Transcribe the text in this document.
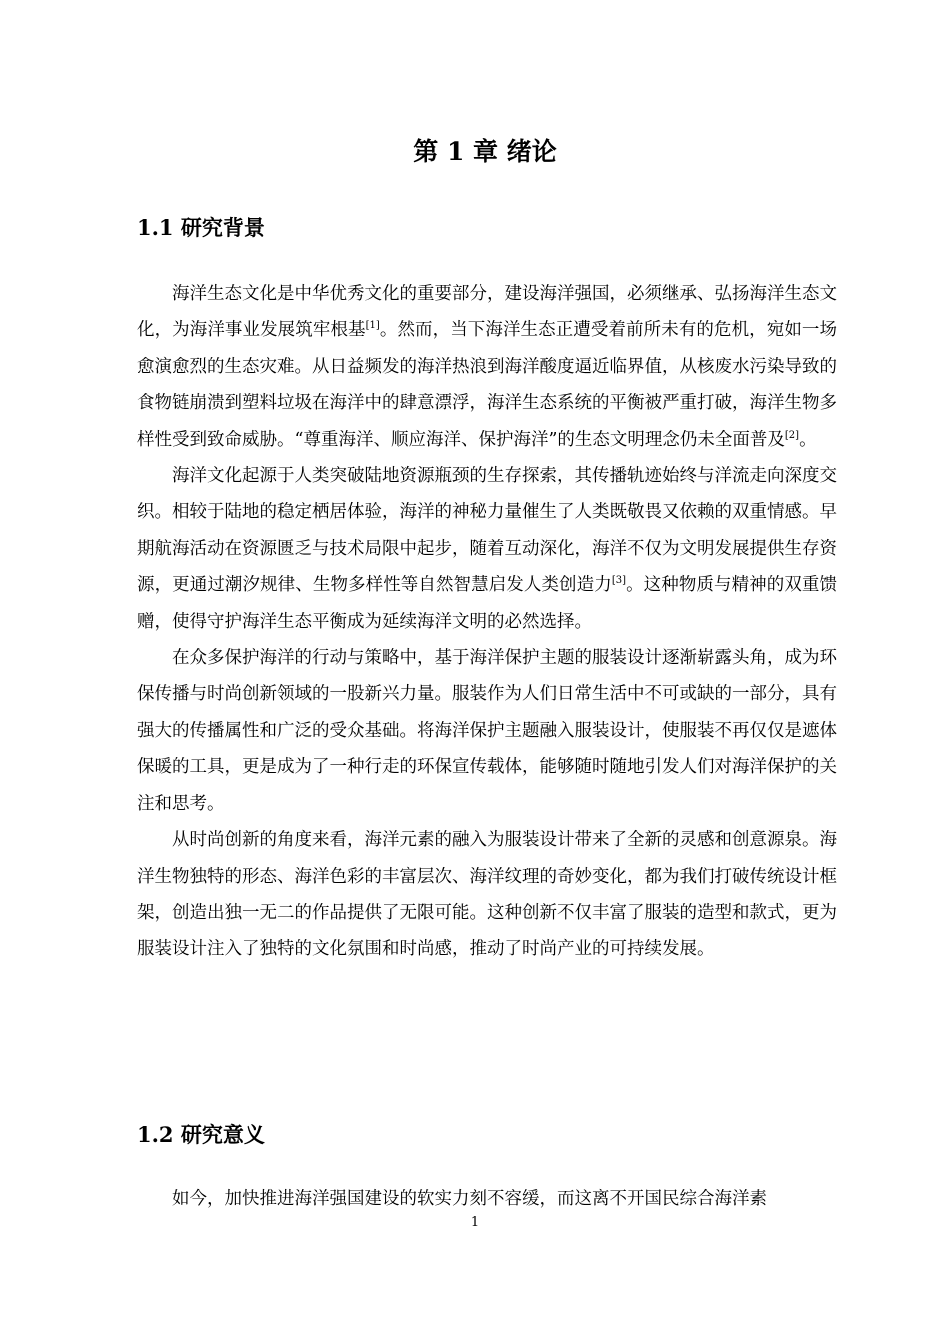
第 1 章 绪论
1.1 研究背景

海洋生态文化是中华优秀文化的重要部分，建设海洋强国，必须继承、弘扬海洋生态文化，为海洋事业发展筑牢根基[1]。然而，当下海洋生态正遭受着前所未有的危机，宛如一场愈演愈烈的生态灾难。从日益频发的海洋热浪到海洋酸度逼近临界值，从核废水污染导致的食物链崩溃到塑料垃圾在海洋中的肆意漂浮，海洋生态系统的平衡被严重打破，海洋生物多样性受到致命威胁。“尊重海洋、顺应海洋、保护海洋”的生态文明理念仍未全面普及[2]。

海洋文化起源于人类突破陆地资源瓶颈的生存探索，其传播轨迹始终与洋流走向深度交织。相较于陆地的稳定栖居体验，海洋的神秘力量催生了人类既敬畏又依赖的双重情感。早期航海活动在资源匮乏与技术局限中起步，随着互动深化，海洋不仅为文明发展提供生存资源，更通过潮汐规律、生物多样性等自然智慧启发人类创造力[3]。这种物质与精神的双重馈赠，使得守护海洋生态平衡成为延续海洋文明的必然选择。

在众多保护海洋的行动与策略中，基于海洋保护主题的服装设计逐渐崭露头角，成为环保传播与时尚创新领域的一股新兴力量。服装作为人们日常生活中不可或缺的一部分，具有强大的传播属性和广泛的受众基础。将海洋保护主题融入服装设计，使服装不再仅仅是遮体保暖的工具，更是成为了一种行走的环保宣传载体，能够随时随地引发人们对海洋保护的关注和思考。

从时尚创新的角度来看，海洋元素的融入为服装设计带来了全新的灵感和创意源泉。海洋生物独特的形态、海洋色彩的丰富层次、海洋纹理的奇妙变化，都为我们打破传统设计框架，创造出独一无二的作品提供了无限可能。这种创新不仅丰富了服装的造型和款式，更为服装设计注入了独特的文化氛围和时尚感，推动了时尚产业的可持续发展。

1.2 研究意义

如今，加快推进海洋强国建设的软实力刻不容缓，而这离不开国民综合海洋素

1
